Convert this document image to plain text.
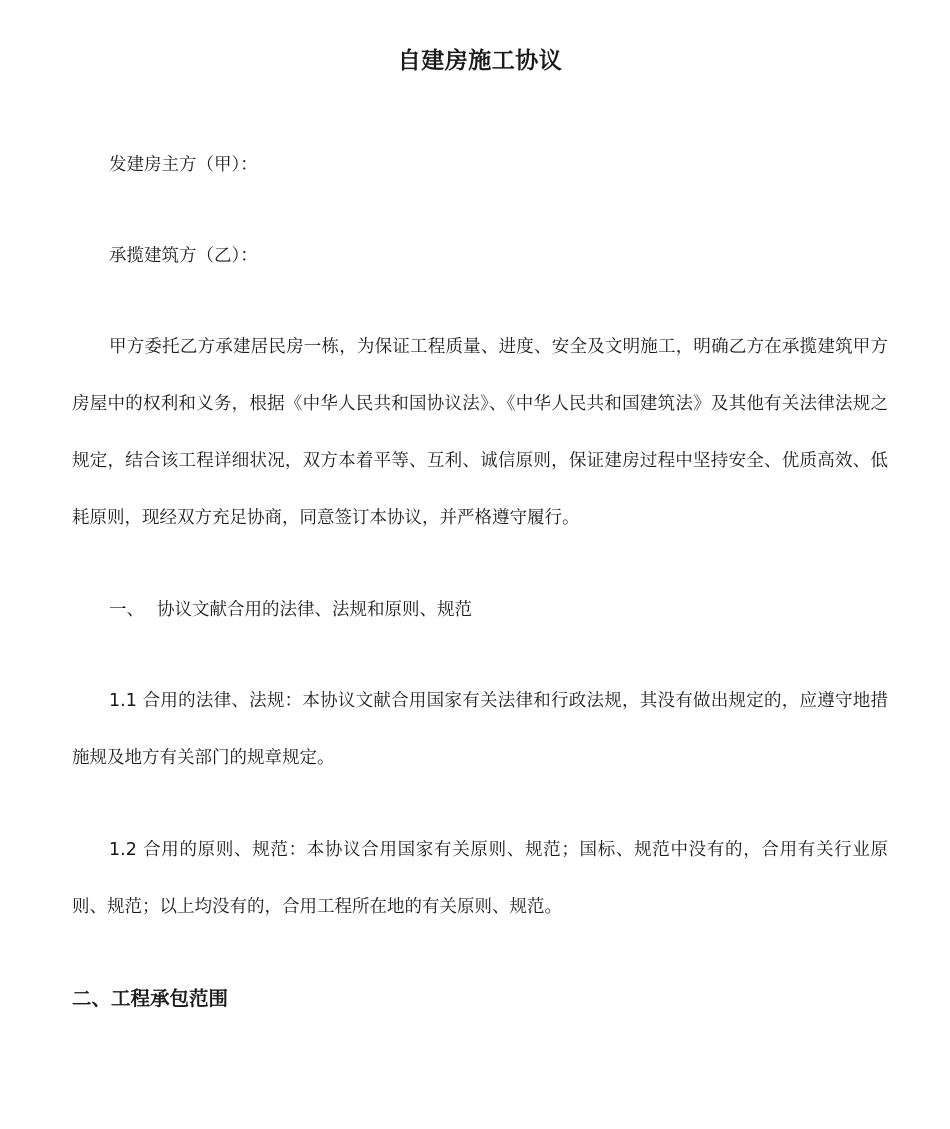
自建房施工协议
发建房主方（甲）：
承揽建筑方（乙）：
甲方委托乙方承建居民房一栋，为保证工程质量、进度、安全及文明施工，明确乙方在承揽建筑甲方房屋中的权利和义务，根据《中华人民共和国协议法》、《中华人民共和国建筑法》及其他有关法律法规之规定，结合该工程详细状况，双方本着平等、互利、诚信原则，保证建房过程中坚持安全、优质高效、低耗原则，现经双方充足协商，同意签订本协议，并严格遵守履行。
一、 协议文献合用的法律、法规和原则、规范
1.1 合用的法律、法规：本协议文献合用国家有关法律和行政法规，其没有做出规定的，应遵守地措施规及地方有关部门的规章规定。
1.2 合用的原则、规范：本协议合用国家有关原则、规范；国标、规范中没有的，合用有关行业原则、规范；以上均没有的，合用工程所在地的有关原则、规范。
二、工程承包范围
